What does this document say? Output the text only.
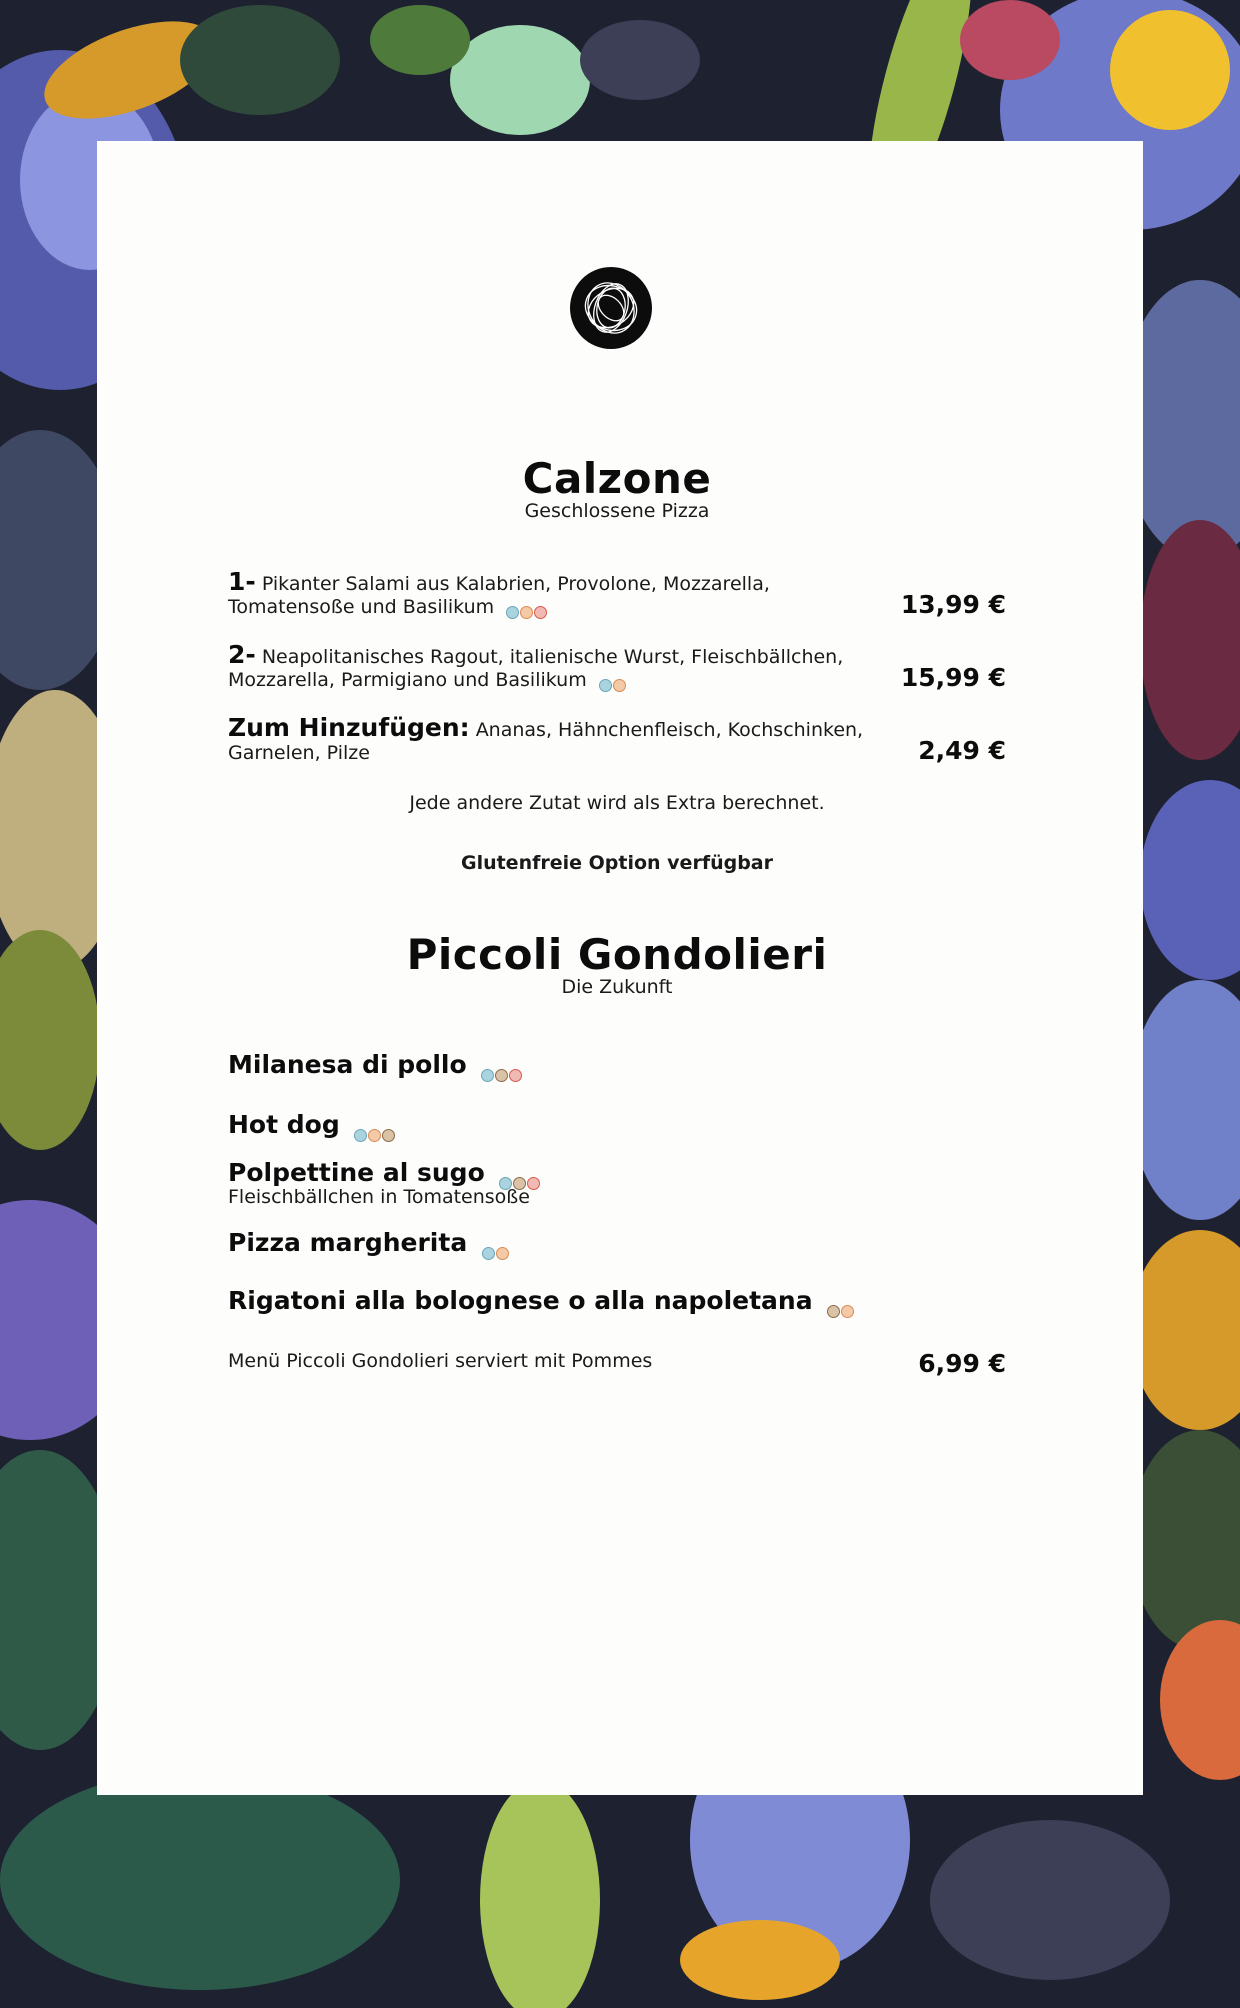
Calzone
Geschlossene Pizza
1- Pikanter Salami aus Kalabrien, Provolone, Mozzarella, Tomatensoße und Basilikum	13,99 €
2- Neapolitanisches Ragout, italienische Wurst, Fleischbällchen, Mozzarella, Parmigiano und Basilikum	15,99 €
Zum Hinzufügen: Ananas, Hähnchenfleisch, Kochschinken, Garnelen, Pilze	2,49 €
Jede andere Zutat wird als Extra berechnet.
Glutenfreie Option verfügbar
Piccoli Gondolieri
Die Zukunft
Milanesa di pollo
Hot dog
Polpettine al sugo
Fleischbällchen in Tomatensoße
Pizza margherita
Rigatoni alla bolognese o alla napoletana
Menü Piccoli Gondolieri serviert mit Pommes	6,99 €
